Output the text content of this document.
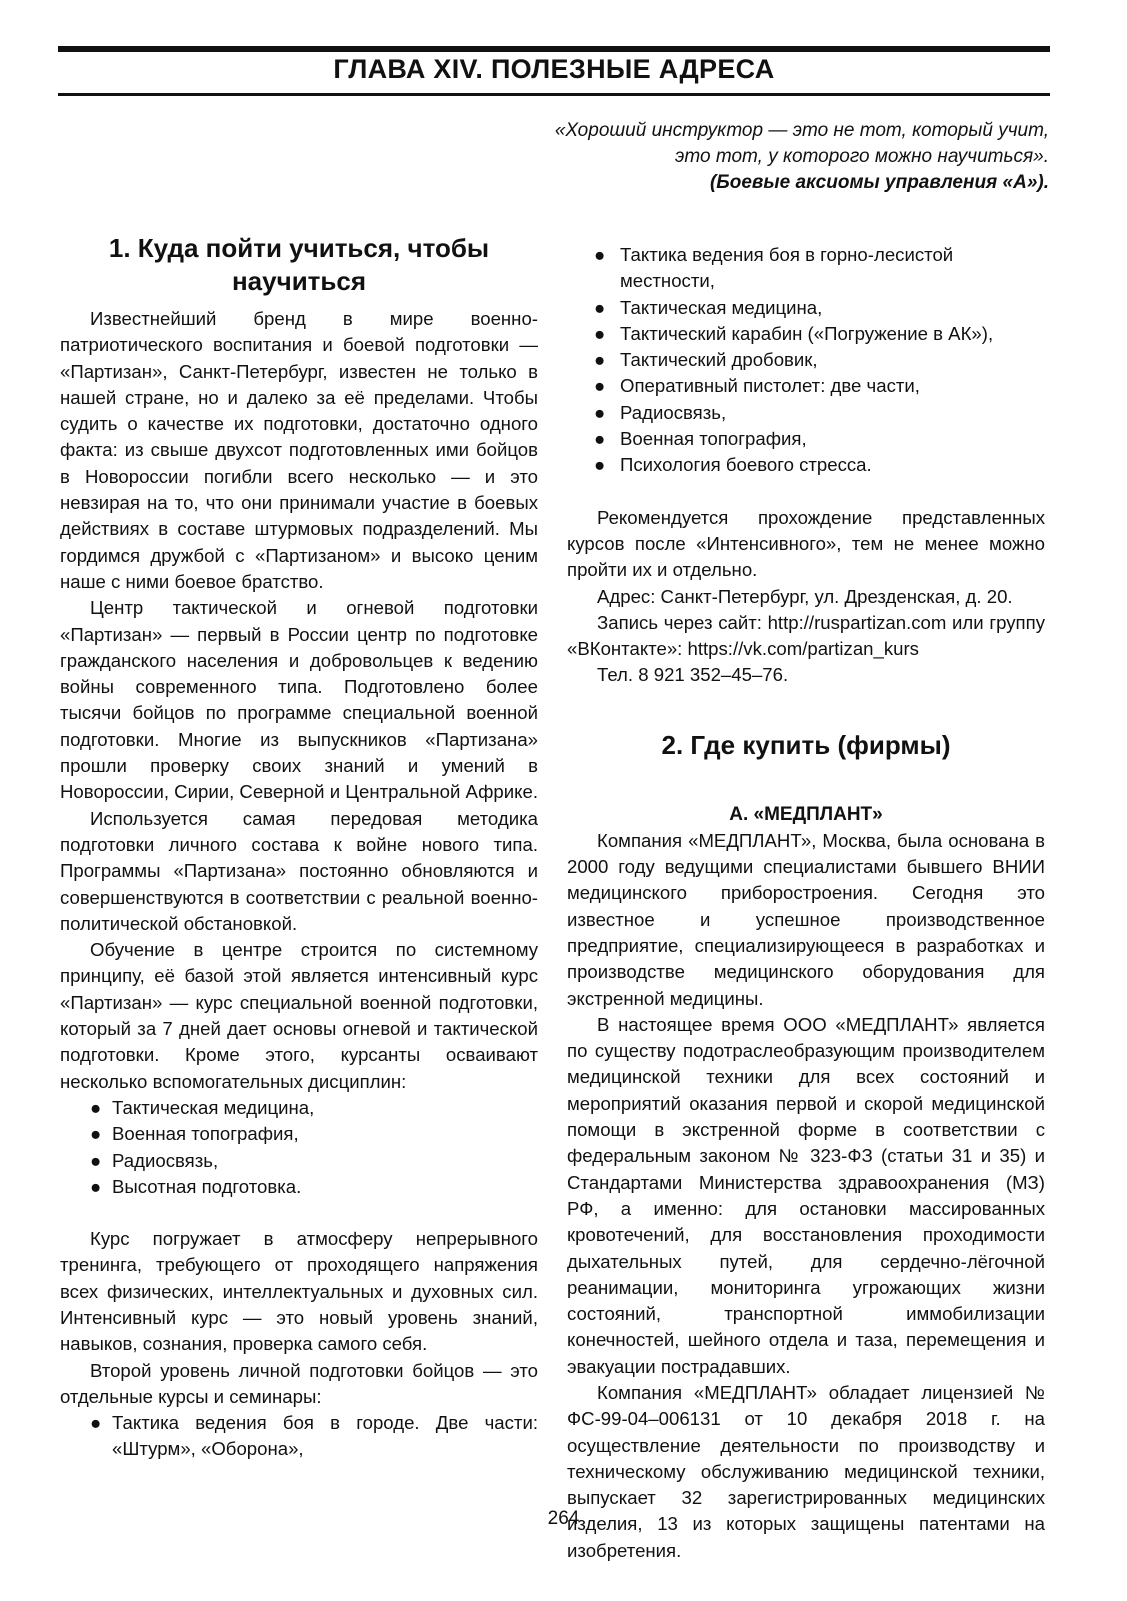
ГЛАВА XIV. ПОЛЕЗНЫЕ АДРЕСА
«Хороший инструктор — это не тот, который учит,
это тот, у которого можно научиться».
(Боевые аксиомы управления «А»).
1. Куда пойти учиться, чтобы
научиться

Известнейший бренд в мире военно-патриотического воспитания и боевой подготовки — «Партизан», Санкт-Петербург, известен не только в нашей стране, но и далеко за её пределами. Чтобы судить о качестве их подготовки, достаточно одного факта: из свыше двухсот подготовленных ими бойцов в Новороссии погибли всего несколько — и это невзирая на то, что они принимали участие в боевых действиях в составе штурмовых подразделений. Мы гордимся дружбой с «Партизаном» и высоко ценим наше с ними боевое братство.

Центр тактической и огневой подготовки «Партизан» — первый в России центр по подготовке гражданского населения и добровольцев к ведению войны современного типа. Подготовлено более тысячи бойцов по программе специальной военной подготовки. Многие из выпускников «Партизана» прошли проверку своих знаний и умений в Новороссии, Сирии, Северной и Центральной Африке.

Используется самая передовая методика подготовки личного состава к войне нового типа. Программы «Партизана» постоянно обновляются и совершенствуются в соответствии с реальной военно-политической обстановкой.

Обучение в центре строится по системному принципу, её базой этой является интенсивный курс «Партизан» — курс специальной военной подготовки, который за 7 дней дает основы огневой и тактической подготовки. Кроме этого, курсанты осваивают несколько вспомогательных дисциплин:

● Тактическая медицина,
● Военная топография,
● Радиосвязь,
● Высотная подготовка.

Курс погружает в атмосферу непрерывного тренинга, требующего от проходящего напряжения всех физических, интеллектуальных и духовных сил. Интенсивный курс — это новый уровень знаний, навыков, сознания, проверка самого себя.

Второй уровень личной подготовки бойцов — это отдельные курсы и семинары:

● Тактика ведения боя в городе. Две части: «Штурм», «Оборона»,
● Тактика ведения боя в горно-лесистой местности,
● Тактическая медицина,
● Тактический карабин («Погружение в АК»),
● Тактический дробовик,
● Оперативный пистолет: две части,
● Радиосвязь,
● Военная топография,
● Психология боевого стресса.

Рекомендуется прохождение представленных курсов после «Интенсивного», тем не менее можно пройти их и отдельно.

Адрес: Санкт-Петербург, ул. Дрезденская, д. 20.

Запись через сайт: http://ruspartizan.com или группу «ВКонтакте»: https://vk.com/partizan_kurs

Тел. 8 921 352–45–76.

2. Где купить (фирмы)
А. «МЕДПЛАНТ»

Компания «МЕДПЛАНТ», Москва, была основана в 2000 году ведущими специалистами бывшего ВНИИ медицинского приборостроения. Сегодня это известное и успешное производственное предприятие, специализирующееся в разработках и производстве медицинского оборудования для экстренной медицины.

В настоящее время ООО «МЕДПЛАНТ» является по существу подотраслеобразующим производителем медицинской техники для всех состояний и мероприятий оказания первой и скорой медицинской помощи в экстренной форме в соответствии с федеральным законом № 323-ФЗ (статьи 31 и 35) и Стандартами Министерства здравоохранения (МЗ) РФ, а именно: для остановки массированных кровотечений, для восстановления проходимости дыхательных путей, для сердечно-лёгочной реанимации, мониторинга угрожающих жизни состояний, транспортной иммобилизации конечностей, шейного отдела и таза, перемещения и эвакуации пострадавших.

Компания «МЕДПЛАНТ» обладает лицензией № ФС-99-04–006131 от 10 декабря 2018 г. на осуществление деятельности по производству и техническому обслуживанию медицинской техники, выпускает 32 зарегистрированных медицинских изделия, 13 из которых защищены патентами на изобретения.

264
